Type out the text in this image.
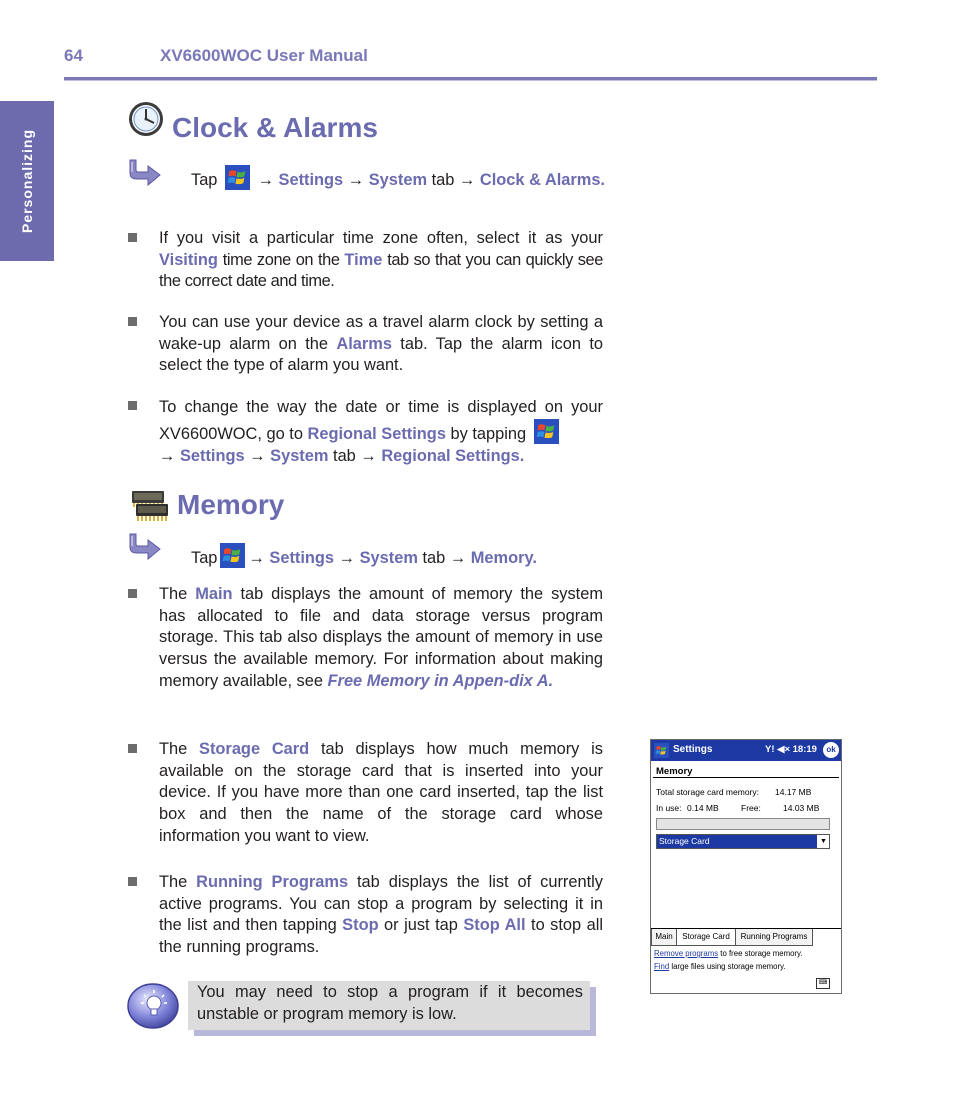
64	XV6600WOC User Manual
Personalizing
Clock & Alarms
Tap → Settings → System tab → Clock & Alarms.
If you visit a particular time zone often, select it as your Visiting time zone on the Time tab so that you can quickly see the correct date and time.
You can use your device as a travel alarm clock by setting a wake-up alarm on the Alarms tab. Tap the alarm icon to select the type of alarm you want.
To change the way the date or time is displayed on your XV6600WOC, go to Regional Settings by tapping
→ Settings → System tab → Regional Settings.
Memory
Tap → Settings → System tab → Memory.
The Main tab displays the amount of memory the system has allocated to file and data storage versus program storage. This tab also displays the amount of memory in use versus the available memory. For information about making memory available, see Free Memory in Appen-dix A.
The Storage Card tab displays how much memory is available on the storage card that is inserted into your device. If you have more than one card inserted, tap the list box and then the name of the storage card whose information you want to view.
The Running Programs tab displays the list of currently active programs. You can stop a program by selecting it in the list and then tapping Stop or just tap Stop All to stop all the running programs.
Settings	Y! ◀× 18:19	ok
Memory
Total storage card memory: 14.17 MB
In use: 0.14 MB	Free:	14.03 MB
Storage Card	▼
Main	Storage Card	Running Programs
Remove programs to free storage memory.
Find large files using storage memory.
⌨
You may need to stop a program if it becomes unstable or program memory is low.
